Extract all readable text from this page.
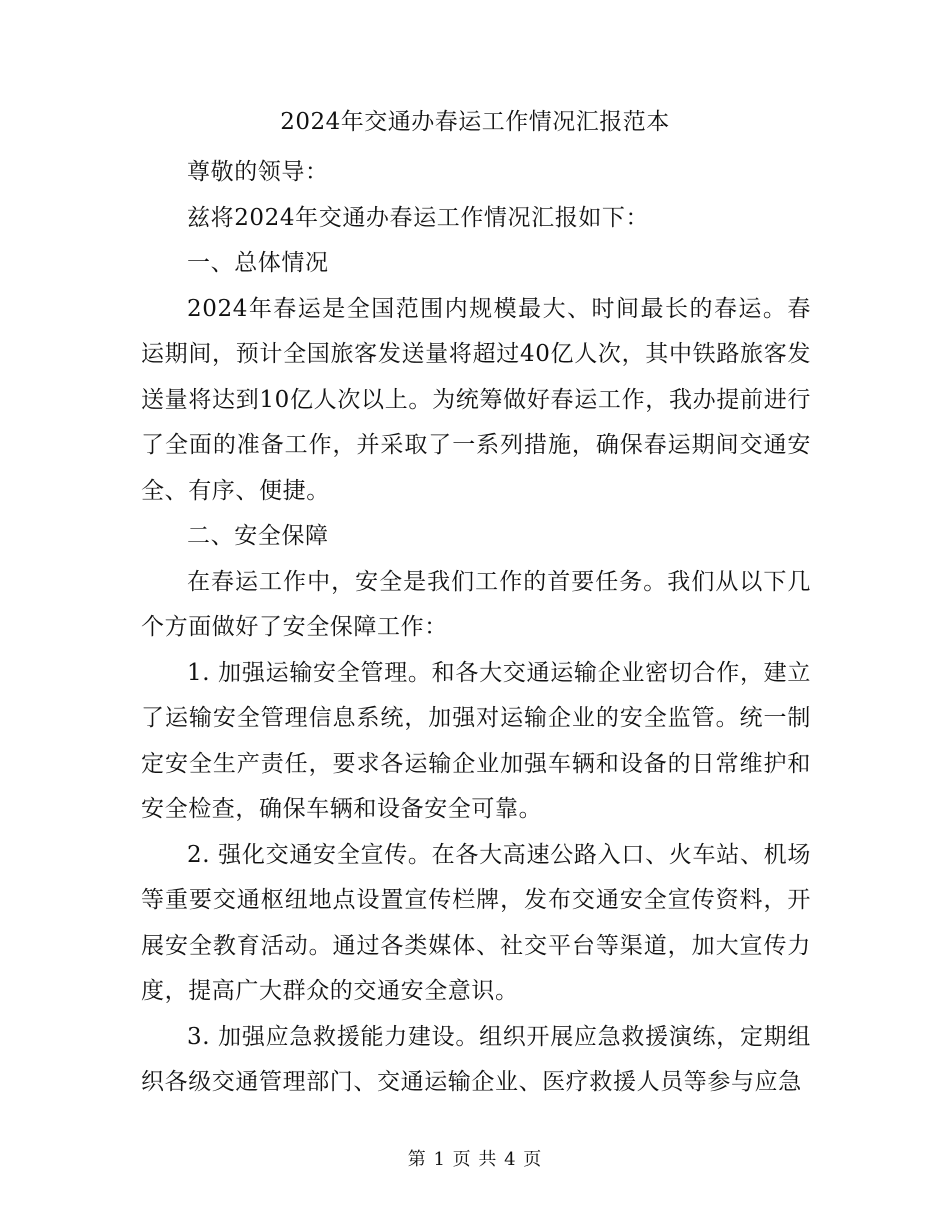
2024年交通办春运工作情况汇报范本

尊敬的领导：

兹将2024年交通办春运工作情况汇报如下：

一、总体情况

2024年春运是全国范围内规模最大、时间最长的春运。春运期间，预计全国旅客发送量将超过40亿人次，其中铁路旅客发送量将达到10亿人次以上。为统筹做好春运工作，我办提前进行了全面的准备工作，并采取了一系列措施，确保春运期间交通安全、有序、便捷。

二、安全保障

在春运工作中，安全是我们工作的首要任务。我们从以下几个方面做好了安全保障工作：

1. 加强运输安全管理。和各大交通运输企业密切合作，建立了运输安全管理信息系统，加强对运输企业的安全监管。统一制定安全生产责任，要求各运输企业加强车辆和设备的日常维护和安全检查，确保车辆和设备安全可靠。

2. 强化交通安全宣传。在各大高速公路入口、火车站、机场等重要交通枢纽地点设置宣传栏牌，发布交通安全宣传资料，开展安全教育活动。通过各类媒体、社交平台等渠道，加大宣传力度，提高广大群众的交通安全意识。

3. 加强应急救援能力建设。组织开展应急救援演练，定期组织各级交通管理部门、交通运输企业、医疗救援人员等参与应急

第 1 页 共 4 页
